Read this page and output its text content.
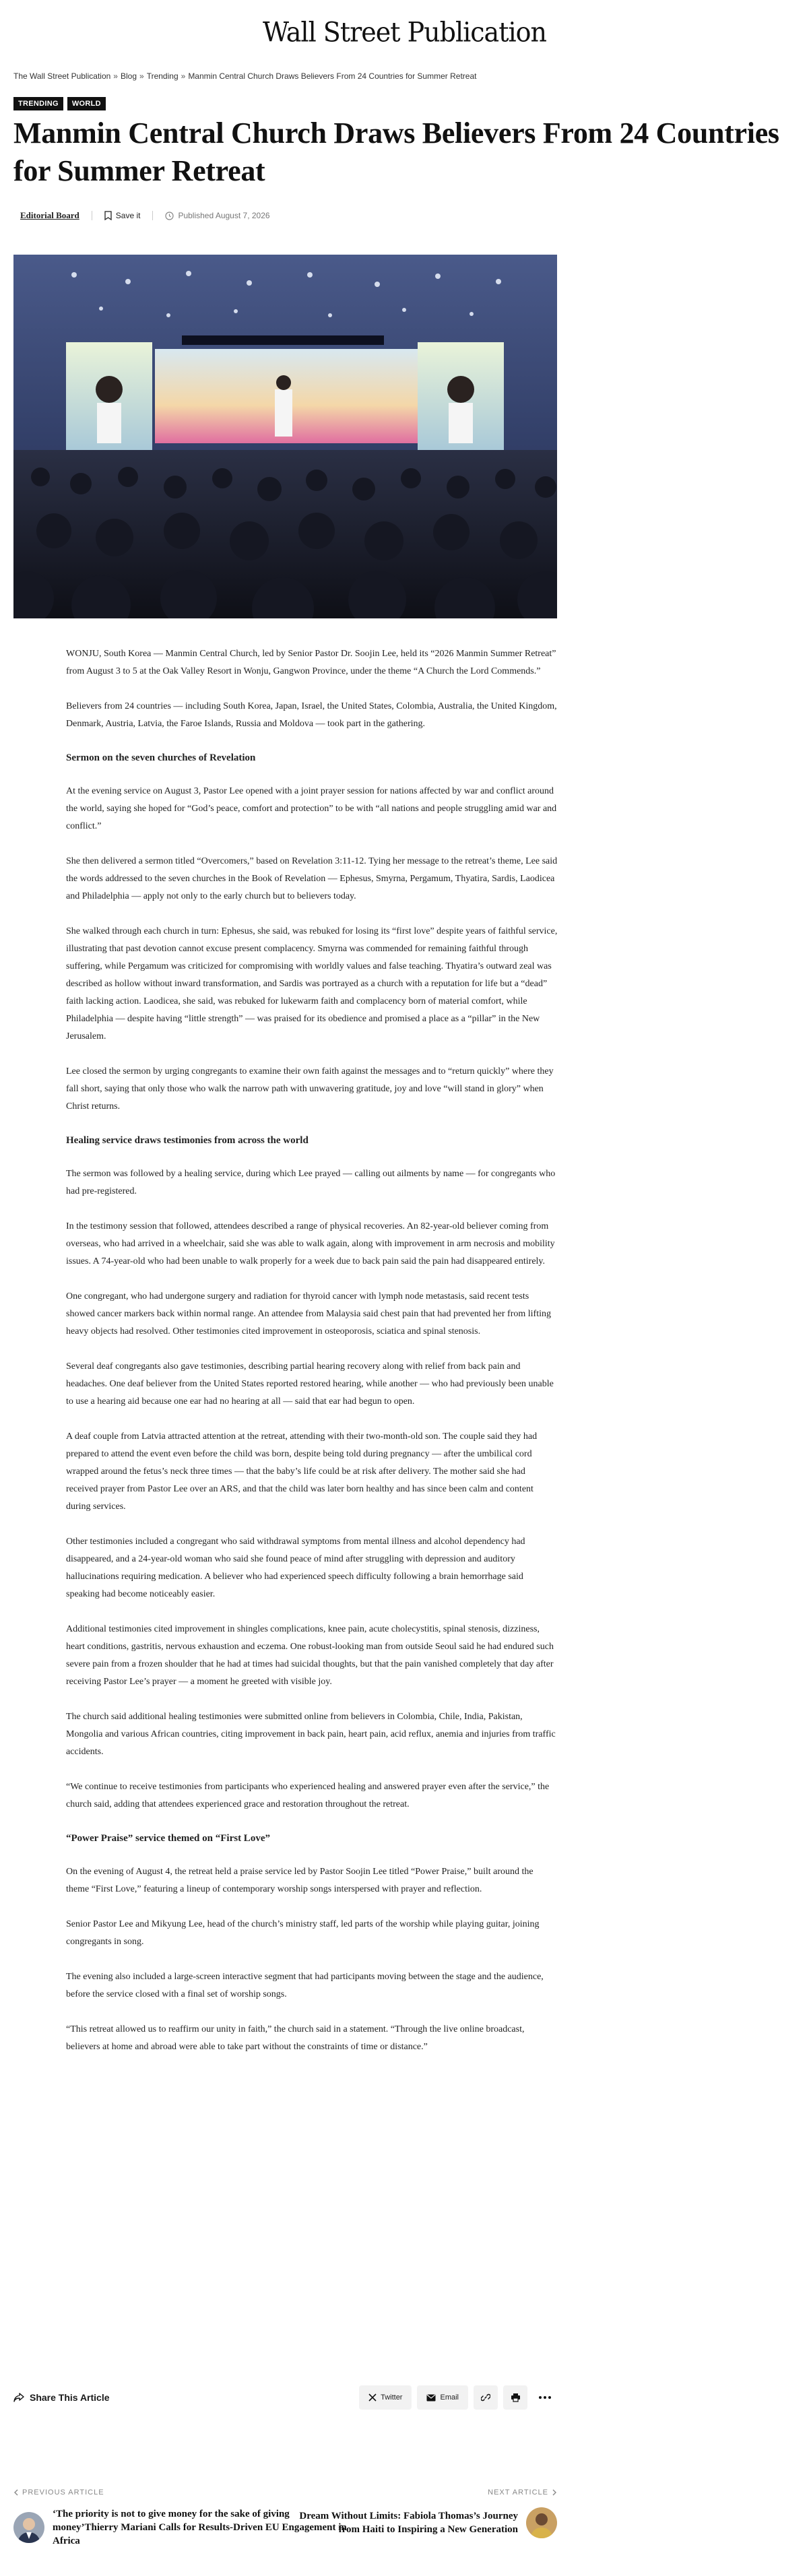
Wall Street Publication
The Wall Street Publication » Blog » Trending » Manmin Central Church Draws Believers From 24 Countries for Summer Retreat
TRENDING	WORLD
Manmin Central Church Draws Believers From 24 Countries for Summer Retreat
Editorial Board	Save it	Published August 7, 2026

WONJU, South Korea — Manmin Central Church, led by Senior Pastor Dr. Soojin Lee, held its “2026 Manmin Summer Retreat” from August 3 to 5 at the Oak Valley Resort in Wonju, Gangwon Province, under the theme “A Church the Lord Commends.”

Believers from 24 countries — including South Korea, Japan, Israel, the United States, Colombia, Australia, the United Kingdom, Denmark, Austria, Latvia, the Faroe Islands, Russia and Moldova — took part in the gathering.

Sermon on the seven churches of Revelation

At the evening service on August 3, Pastor Lee opened with a joint prayer session for nations affected by war and conflict around the world, saying she hoped for “God’s peace, comfort and protection” to be with “all nations and people struggling amid war and conflict.”

She then delivered a sermon titled “Overcomers,” based on Revelation 3:11-12. Tying her message to the retreat’s theme, Lee said the words addressed to the seven churches in the Book of Revelation — Ephesus, Smyrna, Pergamum, Thyatira, Sardis, Laodicea and Philadelphia — apply not only to the early church but to believers today.

She walked through each church in turn: Ephesus, she said, was rebuked for losing its “first love” despite years of faithful service, illustrating that past devotion cannot excuse present complacency. Smyrna was commended for remaining faithful through suffering, while Pergamum was criticized for compromising with worldly values and false teaching. Thyatira’s outward zeal was described as hollow without inward transformation, and Sardis was portrayed as a church with a reputation for life but a “dead” faith lacking action. Laodicea, she said, was rebuked for lukewarm faith and complacency born of material comfort, while Philadelphia — despite having “little strength” — was praised for its obedience and promised a place as a “pillar” in the New Jerusalem.

Lee closed the sermon by urging congregants to examine their own faith against the messages and to “return quickly” where they fall short, saying that only those who walk the narrow path with unwavering gratitude, joy and love “will stand in glory” when Christ returns.

Healing service draws testimonies from across the world

The sermon was followed by a healing service, during which Lee prayed — calling out ailments by name — for congregants who had pre-registered.

In the testimony session that followed, attendees described a range of physical recoveries. An 82-year-old believer coming from overseas, who had arrived in a wheelchair, said she was able to walk again, along with improvement in arm necrosis and mobility issues. A 74-year-old who had been unable to walk properly for a week due to back pain said the pain had disappeared entirely.

One congregant, who had undergone surgery and radiation for thyroid cancer with lymph node metastasis, said recent tests showed cancer markers back within normal range. An attendee from Malaysia said chest pain that had prevented her from lifting heavy objects had resolved. Other testimonies cited improvement in osteoporosis, sciatica and spinal stenosis.

Several deaf congregants also gave testimonies, describing partial hearing recovery along with relief from back pain and headaches. One deaf believer from the United States reported restored hearing, while another — who had previously been unable to use a hearing aid because one ear had no hearing at all — said that ear had begun to open.

A deaf couple from Latvia attracted attention at the retreat, attending with their two-month-old son. The couple said they had prepared to attend the event even before the child was born, despite being told during pregnancy — after the umbilical cord wrapped around the fetus’s neck three times — that the baby’s life could be at risk after delivery. The mother said she had received prayer from Pastor Lee over an ARS, and that the child was later born healthy and has since been calm and content during services.

Other testimonies included a congregant who said withdrawal symptoms from mental illness and alcohol dependency had disappeared, and a 24-year-old woman who said she found peace of mind after struggling with depression and auditory hallucinations requiring medication. A believer who had experienced speech difficulty following a brain hemorrhage said speaking had become noticeably easier.

Additional testimonies cited improvement in shingles complications, knee pain, acute cholecystitis, spinal stenosis, dizziness, heart conditions, gastritis, nervous exhaustion and eczema. One robust-looking man from outside Seoul said he had endured such severe pain from a frozen shoulder that he had at times had suicidal thoughts, but that the pain vanished completely that day after receiving Pastor Lee’s prayer — a moment he greeted with visible joy.

The church said additional healing testimonies were submitted online from believers in Colombia, Chile, India, Pakistan, Mongolia and various African countries, citing improvement in back pain, heart pain, acid reflux, anemia and injuries from traffic accidents.

“We continue to receive testimonies from participants who experienced healing and answered prayer even after the service,” the church said, adding that attendees experienced grace and restoration throughout the retreat.

“Power Praise” service themed on “First Love”

On the evening of August 4, the retreat held a praise service led by Pastor Soojin Lee titled “Power Praise,” built around the theme “First Love,” featuring a lineup of contemporary worship songs interspersed with prayer and reflection.

Senior Pastor Lee and Mikyung Lee, head of the church’s ministry staff, led parts of the worship while playing guitar, joining congregants in song.

The evening also included a large-screen interactive segment that had participants moving between the stage and the audience, before the service closed with a final set of worship songs.

“This retreat allowed us to reaffirm our unity in faith,” the church said in a statement. “Through the live online broadcast, believers at home and abroad were able to take part without the constraints of time or distance.”

Share This Article	Twitter	Email
PREVIOUS ARTICLE
‘The priority is not to give money for the sake of giving money’Thierry Mariani Calls for Results-Driven EU Engagement in Africa
NEXT ARTICLE
Dream Without Limits: Fabiola Thomas’s Journey from Haiti to Inspiring a New Generation
